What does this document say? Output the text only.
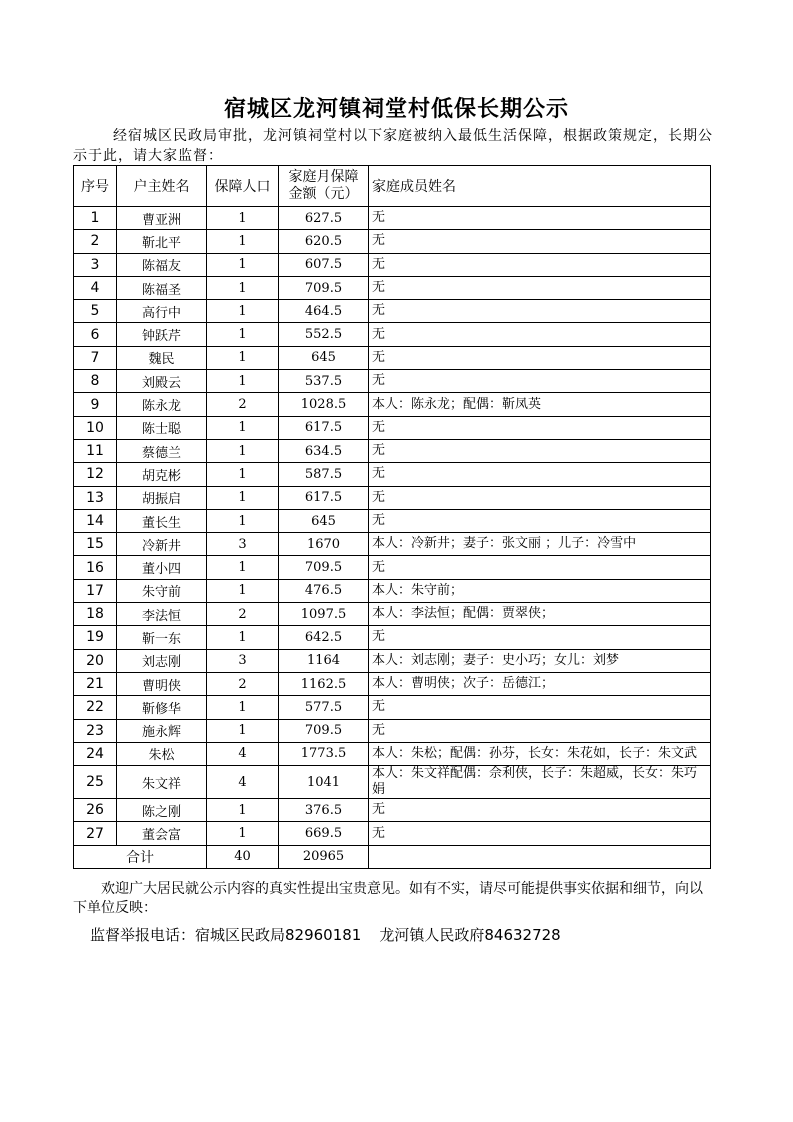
宿城区龙河镇祠堂村低保长期公示
经宿城区民政局审批，龙河镇祠堂村以下家庭被纳入最低生活保障，根据政策规定，长期公示于此，请大家监督：
序号	户主姓名	保障人口	家庭月保障金额（元）	家庭成员姓名
1	曹亚洲	1	627.5	无
2	靳北平	1	620.5	无
3	陈福友	1	607.5	无
4	陈福圣	1	709.5	无
5	高行中	1	464.5	无
6	钟跃芹	1	552.5	无
7	魏民	1	645	无
8	刘殿云	1	537.5	无
9	陈永龙	2	1028.5	本人：陈永龙；配偶：靳凤英
10	陈士聪	1	617.5	无
11	蔡德兰	1	634.5	无
12	胡克彬	1	587.5	无
13	胡振启	1	617.5	无
14	董长生	1	645	无
15	冷新井	3	1670	本人：冷新井；妻子：张文丽 ；儿子：冷雪中
16	董小四	1	709.5	无
17	朱守前	1	476.5	本人：朱守前；
18	李法恒	2	1097.5	本人：李法恒；配偶：贾翠侠；
19	靳一东	1	642.5	无
20	刘志刚	3	1164	本人：刘志刚；妻子：史小巧；女儿：刘梦
21	曹明侠	2	1162.5	本人：曹明侠；次子：岳德江；
22	靳修华	1	577.5	无
23	施永辉	1	709.5	无
24	朱松	4	1773.5	本人：朱松；配偶：孙芬，长女：朱花如，长子：朱文武
25	朱文祥	4	1041	本人：朱文祥配偶：佘利侠，长子：朱超威，长女：朱巧娟
26	陈之刚	1	376.5	无
27	董会富	1	669.5	无
合计		40	20965	
欢迎广大居民就公示内容的真实性提出宝贵意见。如有不实，请尽可能提供事实依据和细节，向以下单位反映：
监督举报电话：宿城区民政局82960181 龙河镇人民政府84632728
